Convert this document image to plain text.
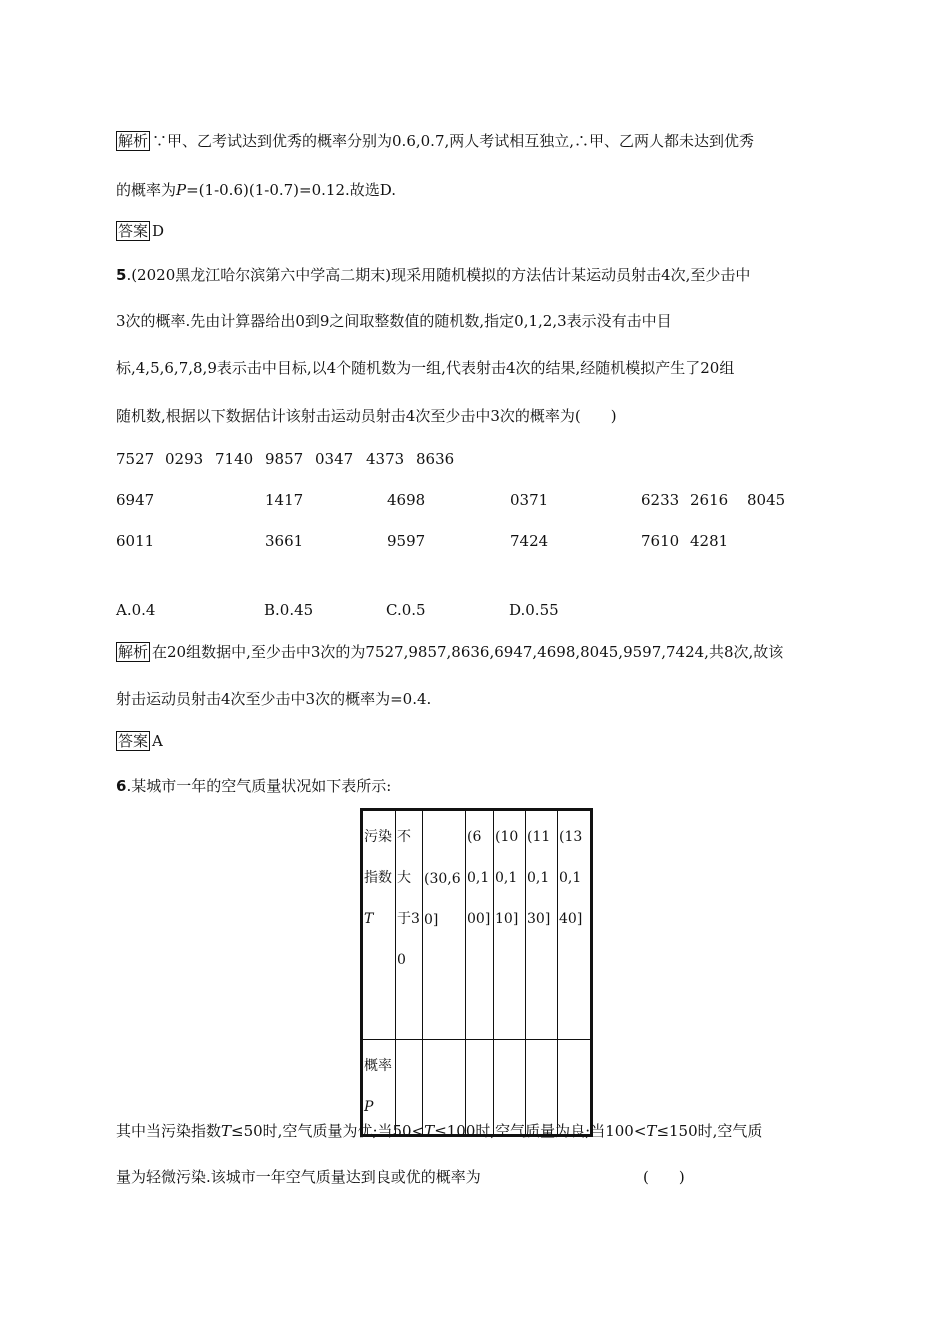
解析 ∵甲、乙考试达到优秀的概率分别为0.6,0.7,两人考试相互独立,∴甲、乙两人都未达到优秀
的概率为P=(1-0.6)(1-0.7)=0.12.故选D.
答案 D
5.(2020黑龙江哈尔滨第六中学高二期末)现采用随机模拟的方法估计某运动员射击4次,至少击中
3次的概率.先由计算器给出0到9之间取整数值的随机数,指定0,1,2,3表示没有击中目
标,4,5,6,7,8,9表示击中目标,以4个随机数为一组,代表射击4次的结果,经随机模拟产生了20组
随机数,根据以下数据估计该射击运动员射击4次至少击中3次的概率为(　　)
7527 0293 7140 9857 0347 4373 8636
6947	1417	4698	0371	6233 2616 8045
6011	3661	9597	7424	7610 4281
A.0.4	B.0.45	C.0.5	D.0.55
解析 在20组数据中,至少击中3次的为7527,9857,8636,6947,4698,8045,9597,7424,共8次,故该
射击运动员射击4次至少击中3次的概率为=0.4.
答案 A
6.某城市一年的空气质量状况如下表所示:
污染指数T	不大于30	(30,60]	(60,100]	(100,110]	(110,130]	(130,140]
概率P						
其中当污染指数T≤50时,空气质量为优;当50<T≤100时,空气质量为良;当100<T≤150时,空气质
量为轻微污染.该城市一年空气质量达到良或优的概率为	(　　)
